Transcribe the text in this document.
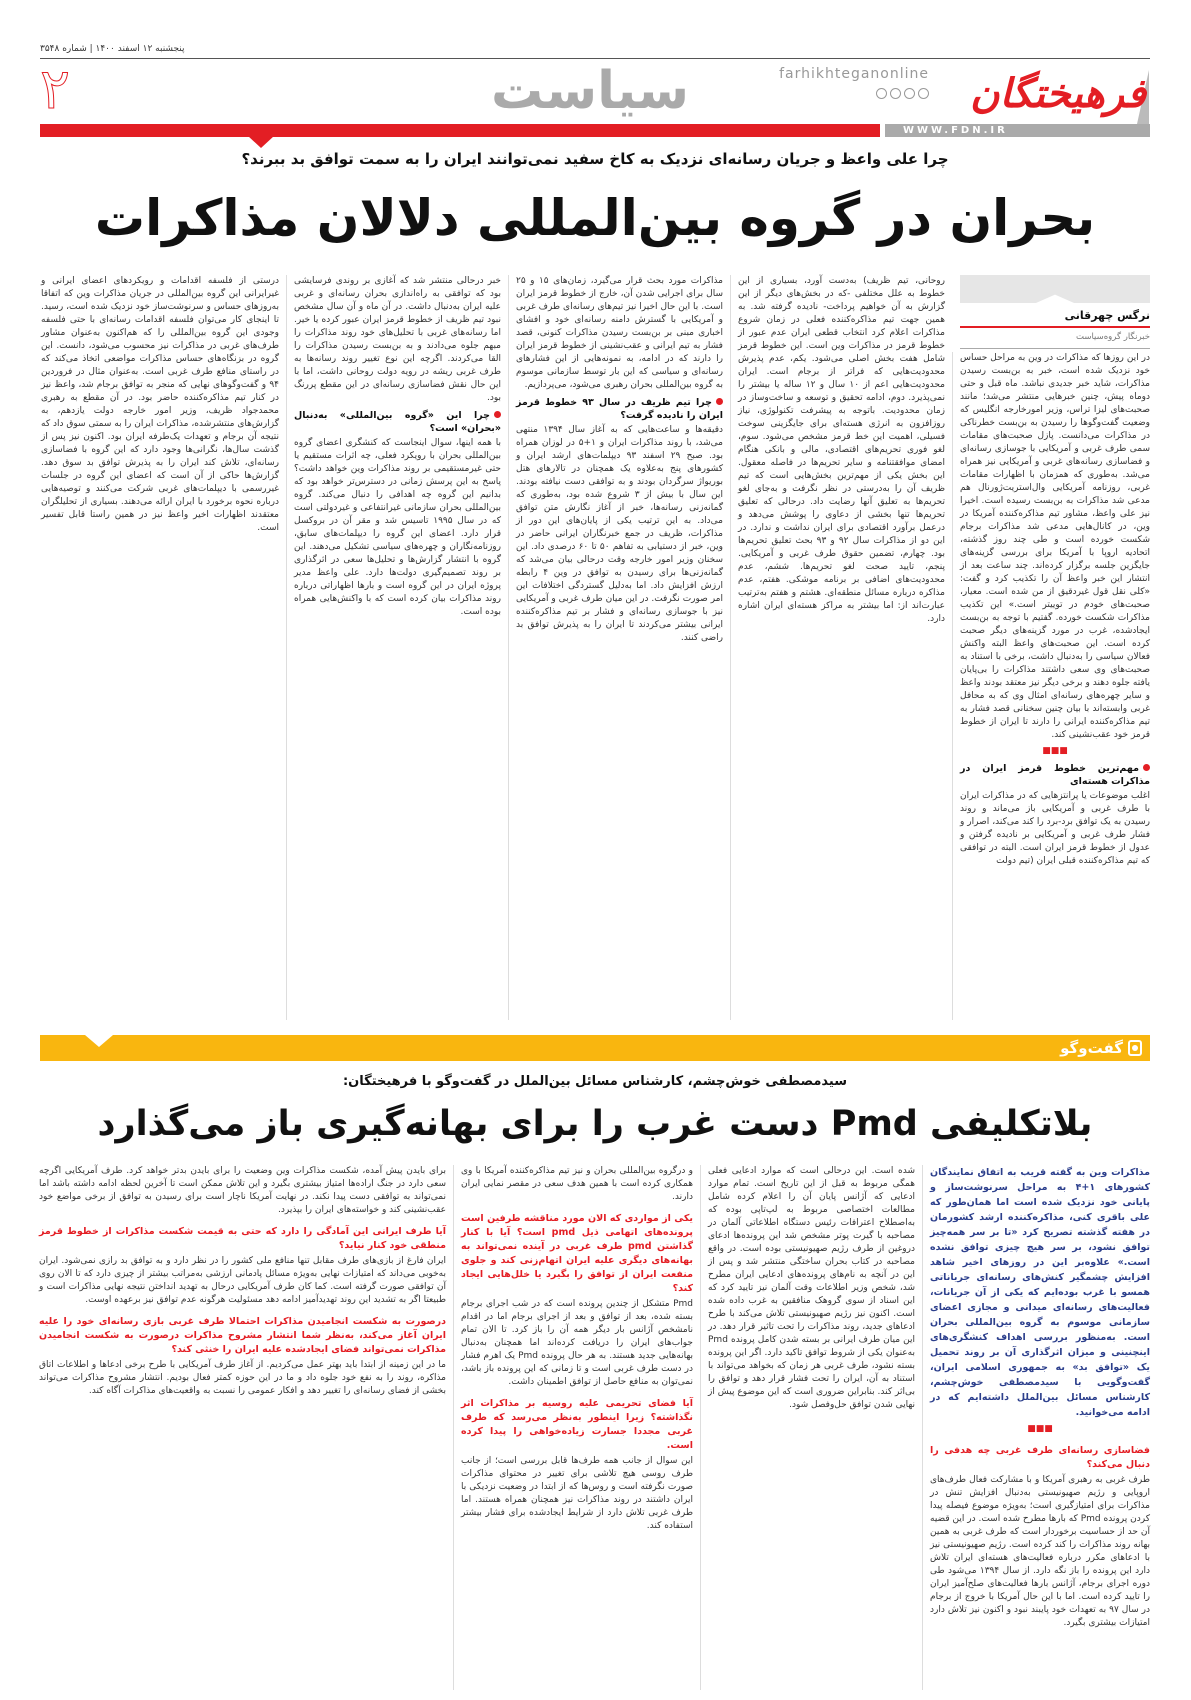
پنجشنبه ۱۲ اسفند ۱۴۰۰ | شماره ۳۵۴۸
فرهیختگان
farhikhteganonline
سیاست
۲
WWW.FDN.IR
چرا علی واعظ و جریان رسانه‌ای نزدیک به کاخ سفید نمی‌توانند ایران را به سمت توافق بد ببرند؟
بحران در گروه بین‌المللی دلالان مذاکرات
نرگس چهرقانی
خبرنگار گروه‌سیاست

در این روزها که مذاکرات در وین به مراحل حساس خود نزدیک شده است، خبر به بن‌بست رسیدن مذاکرات، شاید خبر جدیدی نباشد. ماه قبل و حتی دوماه پیش، چنین خبرهایی منتشر می‌شد؛ مانند صحبت‌های لیزا تراس، وزیر امورخارجه انگلیس که وضعیت گفت‌وگوها را رسیدن به بن‌بست خطرناکی در مذاکرات می‌دانست. پازل صحبت‌های مقامات سمی طرف غربی و آمریکایی با جوسازی رسانه‌ای و فضاسازی رسانه‌های غربی و آمریکایی نیز همراه می‌شد. به‌طوری که همزمان با اظهارات مقامات غربی، روزنامه آمریکایی وال‌استریت‌ژورنال هم مدعی شد مذاکرات به بن‌بست رسیده است. اخیرا نیز علی واعظ، مشاور تیم مذاکره‌کننده آمریکا در وین، در کانال‌هایی مدعی شد مذاکرات برجام شکست خورده است و طی چند روز گذشته، اتحادیه اروپا با آمریکا برای بررسی گزینه‌های جایگزین جلسه برگزار کرده‌اند. چند ساعت بعد از انتشار این خبر واعظ آن را تکذیب کرد و گفت: «کلی نقل قول غیردقیق از من شده است. معیار، صحبت‌های خودم در توییتر است.» این تکذیب مذاکرات شکست خورده. گفتیم با توجه به بن‌بست ایجادشده، غرب در مورد گزینه‌های دیگر صحبت کرده است. این صحبت‌های واعظ البته واکنش فعالان سیاسی را به‌دنبال داشت، برخی با استناد به صحبت‌های وی سعی داشتند مذاکرات را بی‌پایان یافته جلوه دهند و برخی دیگر نیز معتقد بودند واعظ و سایر چهره‌های رسانه‌ای امثال وی که به محافل غربی وابسته‌اند با بیان چنین سخنانی قصد فشار به تیم مذاکره‌کننده ایرانی را دارند تا ایران از خطوط قرمز خود عقب‌نشینی کند.

■■■
مهم‌ترین خطوط قرمز ایران در مذاکرات هسته‌ای

اغلب موضوعات یا پرانتزهایی که در مذاکرات ایران با طرف غربی و آمریکایی باز می‌ماند و روند رسیدن به یک توافق برد-برد را کند می‌کند، اصرار و فشار طرف غربی و آمریکایی بر نادیده گرفتن و عدول از خطوط قرمز ایران است. البته در توافقی که تیم مذاکره‌کننده قبلی ایران (تیم دولت

روحانی، تیم ظریف) به‌دست آورد، بسیاری از این خطوط به علل مختلفی -که در بخش‌های دیگر از این گزارش به آن خواهیم پرداخت- نادیده گرفته شد. به همین جهت تیم مذاکره‌کننده فعلی در زمان شروع مذاکرات اعلام کرد انتخاب قطعی ایران عدم عبور از خطوط قرمز در مذاکرات وین است. این خطوط قرمز شامل هفت بخش اصلی می‌شود. یکم، عدم پذیرش محدودیت‌هایی که فراتر از برجام است. ایران محدودیت‌هایی اعم از ۱۰ سال و ۱۲ ساله یا بیشتر را نمی‌پذیرد. دوم، ادامه تحقیق و توسعه و ساخت‌وساز در زمان محدودیت. باتوجه به پیشرفت تکنولوژی، نیاز روزافزون به انرژی هسته‌ای برای جایگزینی سوخت فسیلی، اهمیت این خط قرمز مشخص می‌شود. سوم، لغو فوری تحریم‌های اقتصادی، مالی و بانکی هنگام امضای موافقتنامه و سایر تحریم‌ها در فاصله معقول. این بخش یکی از مهم‌ترین بخش‌هایی است که تیم ظریف آن را به‌درستی در نظر نگرفت و به‌جای لغو تحریم‌ها به تعلیق آنها رضایت داد. درحالی که تعلیق تحریم‌ها تنها بخشی از دعاوی را پوشش می‌دهد و درعمل برآورد اقتصادی برای ایران نداشت و ندارد. در این دو از مذاکرات سال ۹۲ و ۹۳ بحث تعلیق تحریم‌ها بود. چهارم، تضمین حقوق طرف غربی و آمریکایی. پنجم، تایید صحت لغو تحریم‌ها. ششم، عدم محدودیت‌های اضافی بر برنامه موشکی. هفتم، عدم مذاکره درباره مسائل منطقه‌ای. هشتم و هفتم به‌ترتیب عبارت‌اند از: اما بیشتر به مراکز هسته‌ای ایران اشاره دارد.

مذاکرات مورد بحث قرار می‌گیرد، زمان‌های ۱۵ و ۲۵ سال برای اجرایی شدن آن، خارج از خطوط قرمز ایران است. با این حال اخیرا نیز تیم‌های رسانه‌ای طرف غربی و آمریکایی با گسترش دامنه رسانه‌ای خود و افشای اخباری مبنی بر بن‌بست رسیدن مذاکرات کنونی، قصد فشار به تیم ایرانی و عقب‌نشینی از خطوط قرمز ایران را دارند که در ادامه، به نمونه‌هایی از این فشارهای رسانه‌ای و سیاسی که این بار توسط سازمانی موسوم به گروه بین‌المللی بحران رهبری می‌شود، می‌پردازیم.

چرا تیم ظریف در سال ۹۳ خطوط قرمز ایران را نادیده گرفت؟

دقیقه‌ها و ساعت‌هایی که به آغاز سال ۱۳۹۴ منتهی می‌شد، با روند مذاکرات ایران و ۱+۵ در لوزان همراه بود. صبح ۲۹ اسفند ۹۳ دیپلمات‌های ارشد ایران و کشورهای پنج به‌علاوه یک همچنان در تالارهای هتل بوریواژ سرگردان بودند و به توافقی دست نیافته بودند. این سال با بیش از ۳ شروع شده بود، به‌طوری که گمانه‌زنی رسانه‌ها، خبر از آغاز نگارش متن توافق می‌داد. به این ترتیب یکی از پایان‌های این دور از مذاکرات، ظریف در جمع خبرنگاران ایرانی حاضر در وین، خبر از دستیابی به تفاهم ۵۰ تا ۶۰ درصدی داد. این سخنان وزیر امور خارجه وقت درحالی بیان می‌شد که گمانه‌زنی‌ها برای رسیدن به توافق در وین ۴ رابطه ارزش افزایش داد. اما به‌دلیل گستردگی اختلافات این امر صورت نگرفت. در این میان طرف غربی و آمریکایی نیز با جوسازی رسانه‌ای و فشار بر تیم مذاکره‌کننده ایرانی بیشتر می‌کردند تا ایران را به پذیرش توافق بد راضی کنند.

خبر درحالی منتشر شد که آغازی بر روندی فرسایشی بود که توافقی به راه‌اندازی بحران رسانه‌ای و غربی علیه ایران به‌دنبال داشت. در آن ماه و آن سال مشخص نبود تیم ظریف از خطوط قرمز ایران عبور کرده یا خیر. اما رسانه‌های غربی با تحلیل‌های خود روند مذاکرات را مبهم جلوه می‌دادند و به بن‌بست رسیدن مذاکرات را القا می‌کردند. اگرچه این نوع تغییر روند رسانه‌ها به طرف غربی ریشه در رویه دولت روحانی داشت، اما با این حال نقش فضاسازی رسانه‌ای در این مقطع پررنگ بود.

چرا این «گروه بین‌المللی» به‌دنبال «بحران» است؟

با همه اینها، سوال اینجاست که کنشگری اعضای گروه بین‌المللی بحران با رویکرد فعلی، چه اثرات مستقیم یا حتی غیرمستقیمی بر روند مذاکرات وین خواهد داشت؟ پاسخ به این پرسش زمانی در دسترس‌تر خواهد بود که بدانیم این گروه چه اهدافی را دنبال می‌کند. گروه بین‌المللی بحران سازمانی غیرانتفاعی و غیردولتی است که در سال ۱۹۹۵ تاسیس شد و مقر آن در بروکسل قرار دارد. اعضای این گروه را دیپلمات‌های سابق، روزنامه‌نگاران و چهره‌های سیاسی تشکیل می‌دهند. این گروه با انتشار گزارش‌ها و تحلیل‌ها سعی در اثرگذاری بر روند تصمیم‌گیری دولت‌ها دارد. علی واعظ مدیر پروژه ایران در این گروه است و بارها اظهاراتی درباره روند مذاکرات بیان کرده است که با واکنش‌هایی همراه بوده است.

درستی از فلسفه اقدامات و رویکردهای اعضای ایرانی و غیرایرانی این گروه بین‌المللی در جریان مذاکرات وین که اتفاقا به‌روزهای حساس و سرنوشت‌ساز خود نزدیک شده است، رسید. تا اینجای کار می‌توان فلسفه اقدامات رسانه‌ای با حتی فلسفه وجودی این گروه بین‌المللی را که هم‌اکنون به‌عنوان مشاور طرف‌های غربی در مذاکرات نیز محسوب می‌شود، دانست. این گروه در بزنگاه‌های حساس مذاکرات مواضعی اتخاذ می‌کند که در راستای منافع طرف غربی است. به‌عنوان مثال در فروردین ۹۴ و گفت‌وگوهای نهایی که منجر به توافق برجام شد، واعظ نیز در کنار تیم مذاکره‌کننده حاضر بود. در آن مقطع به رهبری محمدجواد ظریف، وزیر امور خارجه دولت یازدهم، به گزارش‌های منتشرشده، مذاکرات ایران را به سمتی سوق داد که نتیجه آن برجام و تعهدات یک‌طرفه ایران بود. اکنون نیز پس از گذشت سال‌ها، نگرانی‌ها وجود دارد که این گروه با فضاسازی رسانه‌ای، تلاش کند ایران را به پذیرش توافق بد سوق دهد. گزارش‌ها حاکی از آن است که اعضای این گروه در جلسات غیررسمی با دیپلمات‌های غربی شرکت می‌کنند و توصیه‌هایی درباره نحوه برخورد با ایران ارائه می‌دهند. بسیاری از تحلیلگران معتقدند اظهارات اخیر واعظ نیز در همین راستا قابل تفسیر است.

گفت‌وگو
سیدمصطفی خوش‌چشم، کارشناس مسائل بین‌الملل در گفت‌وگو با فرهیختگان:
بلاتکلیفی Pmd دست غرب را برای بهانه‌گیری باز می‌گذارد

مذاکرات وین به گفته قریب به اتفاق نمایندگان کشورهای ۱+۴ به مراحل سرنوشت‌ساز و پایانی خود نزدیک شده است اما همان‌طور که علی باقری کنی، مذاکره‌کننده ارشد کشورمان در هفته گذشته تصریح کرد «تا بر سر همه‌چیز توافق نشود، بر سر هیچ چیزی توافق نشده است.» علاوه‌بر این در روزهای اخیر شاهد افزایش چشمگیر کنش‌های رسانه‌ای جریاناتی همسو با غرب بوده‌ایم که یکی از آن جریانات، فعالیت‌های رسانه‌ای میدانی و مجازی اعضای سازمانی موسوم به گروه بین‌المللی بحران است. به‌منظور بررسی اهداف کنشگری‌های اینچنینی و میزان اثرگذاری آن بر روند تحمیل یک «توافق بد» به جمهوری اسلامی ایران، گفت‌وگویی با سیدمصطفی خوش‌چشم، کارشناس مسائل بین‌الملل داشته‌ایم که در ادامه می‌خوانید.

■■■
فضاسازی رسانه‌ای طرف غربی چه هدفی را دنبال می‌کند؟

طرف غربی به رهبری آمریکا و با مشارکت فعال طرف‌های اروپایی و رژیم صهیونیستی به‌دنبال افزایش تنش در مذاکرات برای امتیازگیری است؛ به‌ویژه موضوع فیصله پیدا کردن پرونده Pmd که بارها مطرح شده است. در این قضیه آن حد از حساسیت برخوردار است که طرف غربی به همین بهانه روند مذاکرات را کند کرده است. رژیم صهیونیستی نیز با ادعاهای مکرر درباره فعالیت‌های هسته‌ای ایران تلاش دارد این پرونده را باز نگه دارد. از سال ۱۳۹۴ می‌شود طی دوره اجرای برجام، آژانس بارها فعالیت‌های صلح‌آمیز ایران را تایید کرده است. اما با این حال آمریکا با خروج از برجام در سال ۹۷ به تعهدات خود پایبند نبود و اکنون نیز تلاش دارد امتیازات بیشتری بگیرد.

شده است. این درحالی است که موارد ادعایی فعلی همگی مربوط به قبل از این تاریخ است. تمام موارد ادعایی که آژانس پایان آن را اعلام کرده شامل مطالعات اختصاصی مربوط به لپ‌تاپی بوده که به‌اصطلاح اعترافات رئیس دستگاه اطلاعاتی آلمان در مصاحبه با گیرت پوتر مشخص شد این پرونده‌ها ادعای دروغین از طرف رژیم صهیونیستی بوده است. در واقع مصاحبه در کتاب بحران ساختگی منتشر شد و پس از این در آنچه به نام‌های پرونده‌های ادعایی ایران مطرح شد، شخص وزیر اطلاعات وقت آلمان نیز تایید کرد که این اسناد از سوی گروهک منافقین به غرب داده شده است. اکنون نیز رژیم صهیونیستی تلاش می‌کند با طرح ادعاهای جدید، روند مذاکرات را تحت تاثیر قرار دهد. در این میان طرف ایرانی بر بسته شدن کامل پرونده Pmd به‌عنوان یکی از شروط توافق تاکید دارد. اگر این پرونده بسته نشود، طرف غربی هر زمان که بخواهد می‌تواند با استناد به آن، ایران را تحت فشار قرار دهد و توافق را بی‌اثر کند. بنابراین ضروری است که این موضوع پیش از نهایی شدن توافق حل‌وفصل شود.

و درگروه بین‌المللی بحران و نیز تیم مذاکره‌کننده آمریکا با وی همکاری کرده است با همین هدف سعی در مقصر نمایی ایران دارند.

یکی از مواردی که الان مورد مناقشه طرفین است پرونده‌های اتهامی ذیل pmd است؟ آیا با کنار گذاشتن pmd طرف غربی در آینده نمی‌تواند به بهانه‌های دیگری علیه ایران اتهام‌زنی کند و جلوی منفعت ایران از توافق را بگیرد یا خلل‌هایی ایجاد کند؟

Pmd متشکل از چندین پرونده است که در شب اجرای برجام بسته شده، بعد از توافق و بعد از اجرای برجام اما در اقدام نامشخص آژانس بار دیگر همه آن را باز کرد. تا الان تمام جواب‌های ایران را دریافت کرده‌اند اما همچنان به‌دنبال بهانه‌هایی جدید هستند. به هر حال پرونده Pmd یک اهرم فشار در دست طرف غربی است و تا زمانی که این پرونده باز باشد، نمی‌توان به منافع حاصل از توافق اطمینان داشت.

آیا فضای تحریمی علیه روسیه بر مذاکرات اثر نگذاشته؟ زیرا اینطور به‌نظر می‌رسد که طرف غربی مجددا جسارت زیاده‌خواهی را پیدا کرده است.

این سوال از جانب همه طرف‌ها قابل بررسی است؛ از جانب طرف روسی هیچ تلاشی برای تغییر در محتوای مذاکرات صورت نگرفته است و روس‌ها که از ابتدا در وضعیت نزدیکی با ایران داشتند در روند مذاکرات نیز همچنان همراه هستند. اما طرف غربی تلاش دارد از شرایط ایجادشده برای فشار بیشتر استفاده کند.

برای بایدن پیش آمده، شکست مذاکرات وین وضعیت را برای بایدن بدتر خواهد کرد. طرف آمریکایی اگرچه سعی دارد در جنگ اراده‌ها امتیاز بیشتری بگیرد و این تلاش ممکن است تا آخرین لحظه ادامه داشته باشد اما نمی‌تواند به توافقی دست پیدا نکند. در نهایت آمریکا ناچار است برای رسیدن به توافق از برخی مواضع خود عقب‌نشینی کند و خواسته‌های ایران را بپذیرد.

آیا طرف ایرانی این آمادگی را دارد که حتی به قیمت شکست مذاکرات از خطوط قرمز منطقی خود کنار نیاید؟

ایران فارغ از بازی‌های طرف مقابل تنها منافع ملی کشور را در نظر دارد و به توافق بد رازی نمی‌شود. ایران به‌خوبی می‌داند که امتیازات نهایی به‌ویژه مسائل پادمانی ارزشی به‌مراتب بیشتر از چیزی دارد که تا الان روی آن توافقی صورت گرفته است. کما کان طرف آمریکایی درحال به تهدید انداختن نتیجه نهایی مذاکرات است و طبیعتا اگر به تشدید این روند تهدیدآمیز ادامه دهد مسئولیت هرگونه عدم توافق نیز برعهده اوست.

درصورت به شکست انجامیدن مذاکرات احتمالا طرف غربی بازی رسانه‌ای خود را علیه ایران آغاز می‌کند، به‌نظر شما انتشار مشروح مذاکرات درصورت به شکست انجامیدن مذاکرات نمی‌تواند فضای ایجادشده علیه ایران را خنثی کند؟

ما در این زمینه از ابتدا باید بهتر عمل می‌کردیم. از آغاز طرف آمریکایی با طرح برخی ادعاها و اطلاعات اتاق مذاکره، روند را به نفع خود جلوه داد و ما در این حوزه کمتر فعال بودیم. انتشار مشروح مذاکرات می‌تواند بخشی از فضای رسانه‌ای را تغییر دهد و افکار عمومی را نسبت به واقعیت‌های مذاکرات آگاه کند.
